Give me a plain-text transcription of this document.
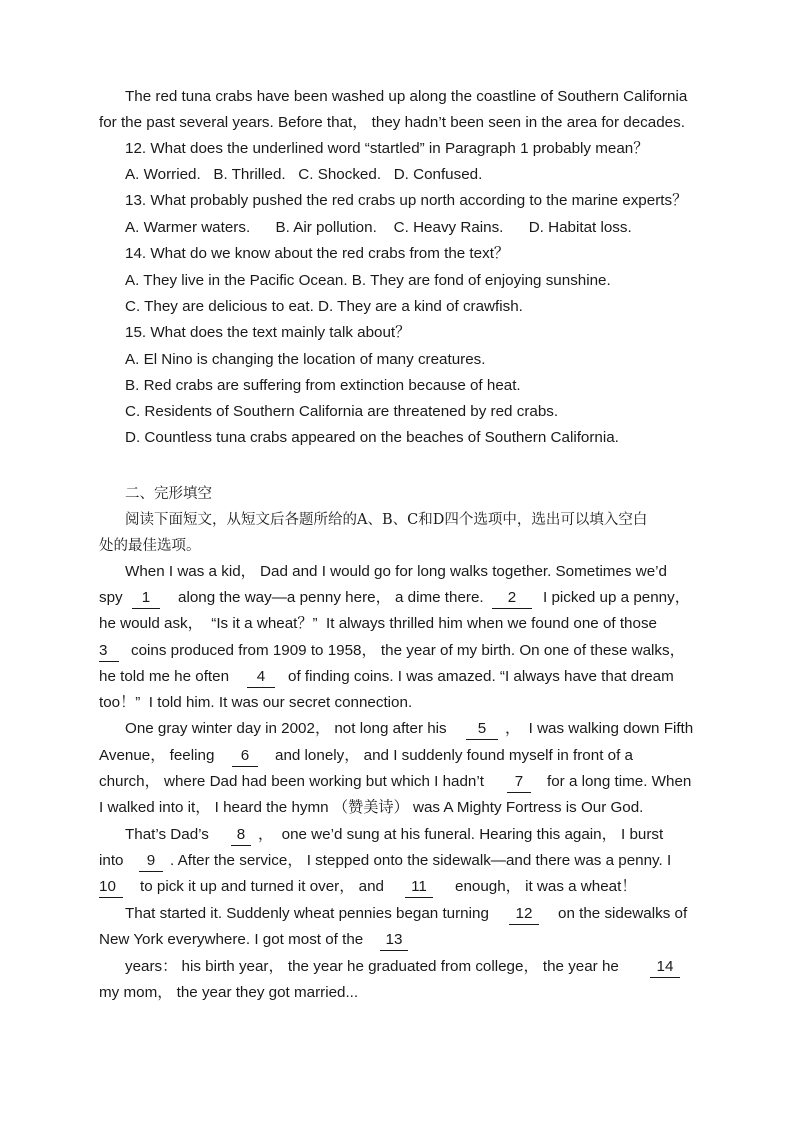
The red tuna crabs have been washed up along the coastline of Southern California
for the past several years. Before that， they hadn’t been seen in the area for decades.
12. What does the underlined word “startled” in Paragraph 1 probably mean？
A. Worried.   B. Thrilled.   C. Shocked.   D. Confused.
13. What probably pushed the red crabs up north according to the marine experts？
A. Warmer waters.      B. Air pollution.    C. Heavy Rains.      D. Habitat loss.
14. What do we know about the red crabs from the text？
A. They live in the Pacific Ocean. B. They are fond of enjoying sunshine.
C. They are delicious to eat. D. They are a kind of crawfish.
15. What does the text mainly talk about？
A. El Nino is changing the location of many creatures.
B. Red crabs are suffering from extinction because of heat.
C. Residents of Southern California are threatened by red crabs.
D. Countless tuna crabs appeared on the beaches of Southern California.
二、完形填空
阅读下面短文，从短文后各题所给的A、B、C和D四个选项中，选出可以填入空白
处的最佳选项。
When I was a kid， Dad and I would go for long walks together. Sometimes we’d
spy	1	along the way—a penny here， a dime there.	2	I picked up a penny，
he would ask，  “Is it a wheat？”  It always thrilled him when we found one of those
3	coins produced from 1909 to 1958， the year of my birth. On one of these walks，
he told me he often	4	of finding coins. I was amazed. “I always have that dream
too！”  I told him. It was our secret connection.
One gray winter day in 2002， not long after his	5	，  I was walking down Fifth
Avenue， feeling	6	and lonely， and I suddenly found myself in front of a
church， where Dad had been working but which I hadn’t	7	for a long time. When
I walked into it， I heard the hymn （赞美诗） was A Mighty Fortress is Our God.
That’s Dad’s	8 ，  one we’d sung at his funeral. Hearing this again， I burst
into	9 . After the service， I stepped onto the sidewalk—and there was a penny. I
10	to pick it up and turned it over， and	11	enough， it was a wheat！
That started it. Suddenly wheat pennies began turning	12	on the sidewalks of
New York everywhere. I got most of the	13
years： his birth year， the year he graduated from college， the year he	14
my mom， the year they got married...
